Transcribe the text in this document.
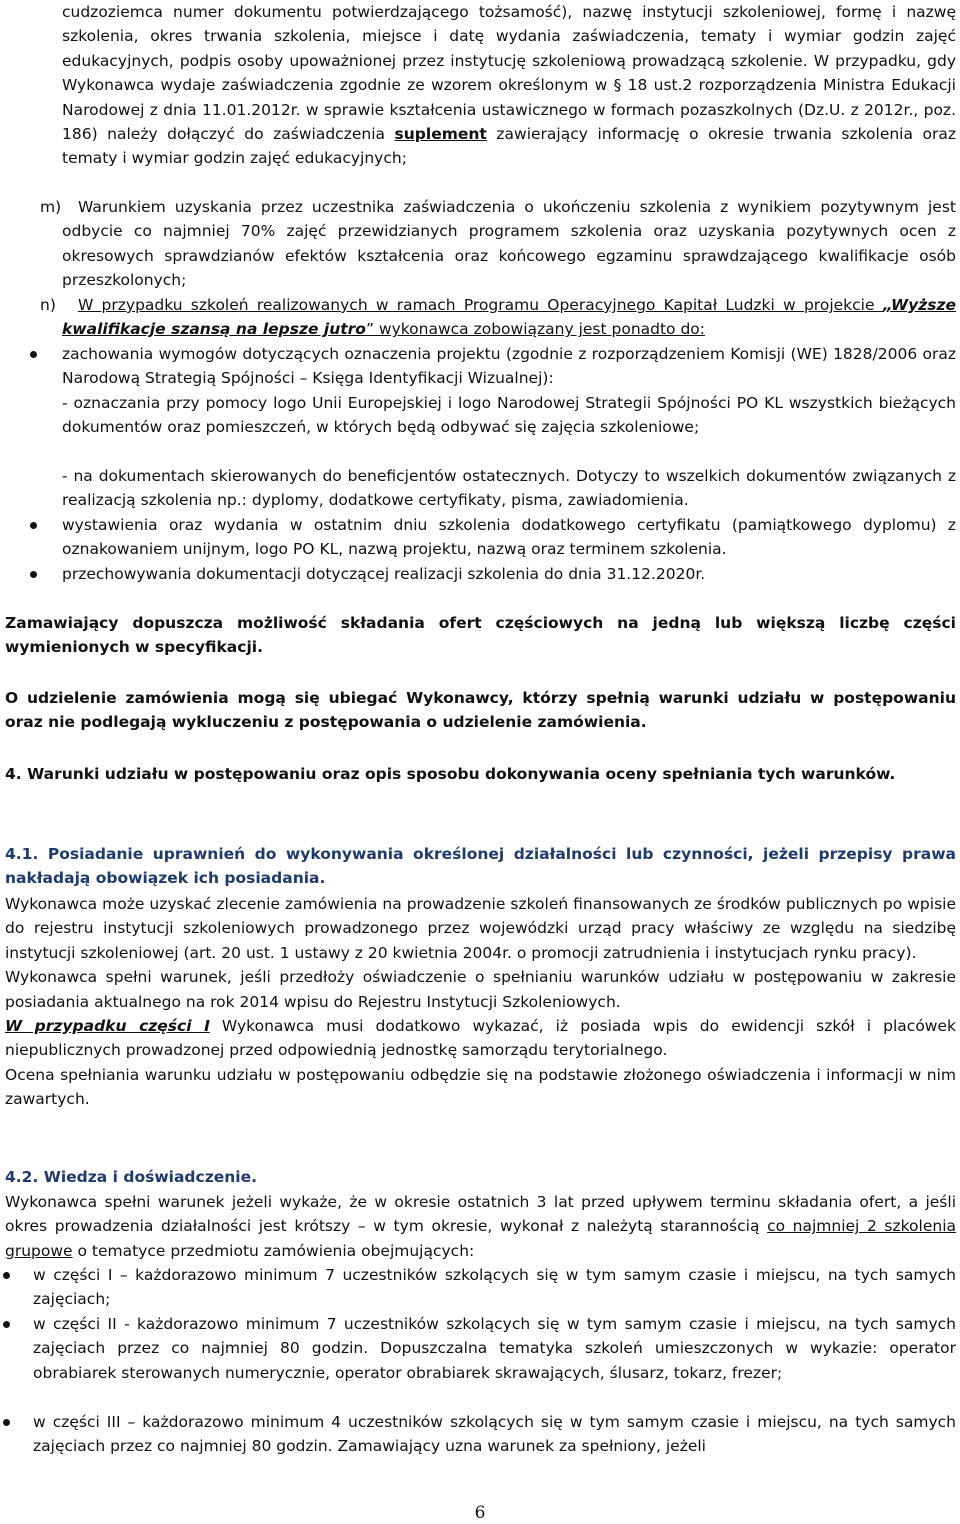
cudzoziemca numer dokumentu potwierdzającego tożsamość), nazwę instytucji szkoleniowej, formę i nazwę szkolenia, okres trwania szkolenia, miejsce i datę wydania zaświadczenia, tematy i wymiar godzin zajęć edukacyjnych, podpis osoby upoważnionej przez instytucję szkoleniową prowadzącą szkolenie. W przypadku, gdy Wykonawca wydaje zaświadczenia zgodnie ze wzorem określonym w § 18 ust.2 rozporządzenia Ministra Edukacji Narodowej z dnia 11.01.2012r. w sprawie kształcenia ustawicznego w formach pozaszkolnych (Dz.U. z 2012r., poz. 186) należy dołączyć do zaświadczenia suplement zawierający informację o okresie trwania szkolenia oraz tematy i wymiar godzin zajęć edukacyjnych;

m)	Warunkiem uzyskania przez uczestnika zaświadczenia o ukończeniu szkolenia z wynikiem pozytywnym jest odbycie co najmniej 70% zajęć przewidzianych programem szkolenia oraz uzyskania pozytywnych ocen z okresowych sprawdzianów efektów kształcenia oraz końcowego egzaminu sprawdzającego kwalifikacje osób przeszkolonych;

n)	W przypadku szkoleń realizowanych w ramach Programu Operacyjnego Kapitał Ludzki w projekcie „Wyższe kwalifikacje szansą na lepsze jutro” wykonawca zobowiązany jest ponadto do:

zachowania wymogów dotyczących oznaczenia projektu (zgodnie z rozporządzeniem Komisji (WE) 1828/2006 oraz Narodową Strategią Spójności – Księga Identyfikacji Wizualnej):

- oznaczania przy pomocy logo Unii Europejskiej i logo Narodowej Strategii Spójności PO KL wszystkich bieżących dokumentów oraz pomieszczeń, w których będą odbywać się zajęcia szkoleniowe;

- na dokumentach skierowanych do beneficjentów ostatecznych. Dotyczy to wszelkich dokumentów związanych z realizacją szkolenia np.: dyplomy, dodatkowe certyfikaty, pisma, zawiadomienia.

wystawienia oraz wydania w ostatnim dniu szkolenia dodatkowego certyfikatu (pamiątkowego dyplomu) z oznakowaniem unijnym, logo PO KL, nazwą projektu, nazwą oraz terminem szkolenia.

przechowywania dokumentacji dotyczącej realizacji szkolenia do dnia 31.12.2020r.

Zamawiający dopuszcza możliwość składania ofert częściowych na jedną lub większą liczbę części wymienionych w specyfikacji.

O udzielenie zamówienia mogą się ubiegać Wykonawcy, którzy spełnią warunki udziału w postępowaniu oraz nie podlegają wykluczeniu z postępowania o udzielenie zamówienia.

4. Warunki udziału w postępowaniu oraz opis sposobu dokonywania oceny spełniania tych warunków.

4.1. Posiadanie uprawnień do wykonywania określonej działalności lub czynności, jeżeli przepisy prawa nakładają obowiązek ich posiadania.

Wykonawca może uzyskać zlecenie zamówienia na prowadzenie szkoleń finansowanych ze środków publicznych po wpisie do rejestru instytucji szkoleniowych prowadzonego przez wojewódzki urząd pracy właściwy ze względu na siedzibę instytucji szkoleniowej (art. 20 ust. 1 ustawy z 20 kwietnia 2004r. o promocji zatrudnienia i instytucjach rynku pracy).

Wykonawca spełni warunek, jeśli przedłoży oświadczenie o spełnianiu warunków udziału w postępowaniu w zakresie posiadania aktualnego na rok 2014 wpisu do Rejestru Instytucji Szkoleniowych.

W przypadku części I Wykonawca musi dodatkowo wykazać, iż posiada wpis do ewidencji szkół i placówek niepublicznych prowadzonej przed odpowiednią jednostkę samorządu terytorialnego.

Ocena spełniania warunku udziału w postępowaniu odbędzie się na podstawie złożonego oświadczenia i informacji w nim zawartych.

4.2. Wiedza i doświadczenie.

Wykonawca spełni warunek jeżeli wykaże, że w okresie ostatnich 3 lat przed upływem terminu składania ofert, a jeśli okres prowadzenia działalności jest krótszy – w tym okresie, wykonał z należytą starannością co najmniej 2 szkolenia grupowe o tematyce przedmiotu zamówienia obejmujących:

w części I – każdorazowo minimum 7 uczestników szkolących się w tym samym czasie i miejscu, na tych samych zajęciach;

w części II - każdorazowo minimum 7 uczestników szkolących się w tym samym czasie i miejscu, na tych samych zajęciach przez co najmniej 80 godzin. Dopuszczalna tematyka szkoleń umieszczonych w wykazie: operator obrabiarek sterowanych numerycznie, operator obrabiarek skrawających, ślusarz, tokarz, frezer;

w części III – każdorazowo minimum 4 uczestników szkolących się w tym samym czasie i miejscu, na tych samych zajęciach przez co najmniej 80 godzin. Zamawiający uzna warunek za spełniony, jeżeli

6
